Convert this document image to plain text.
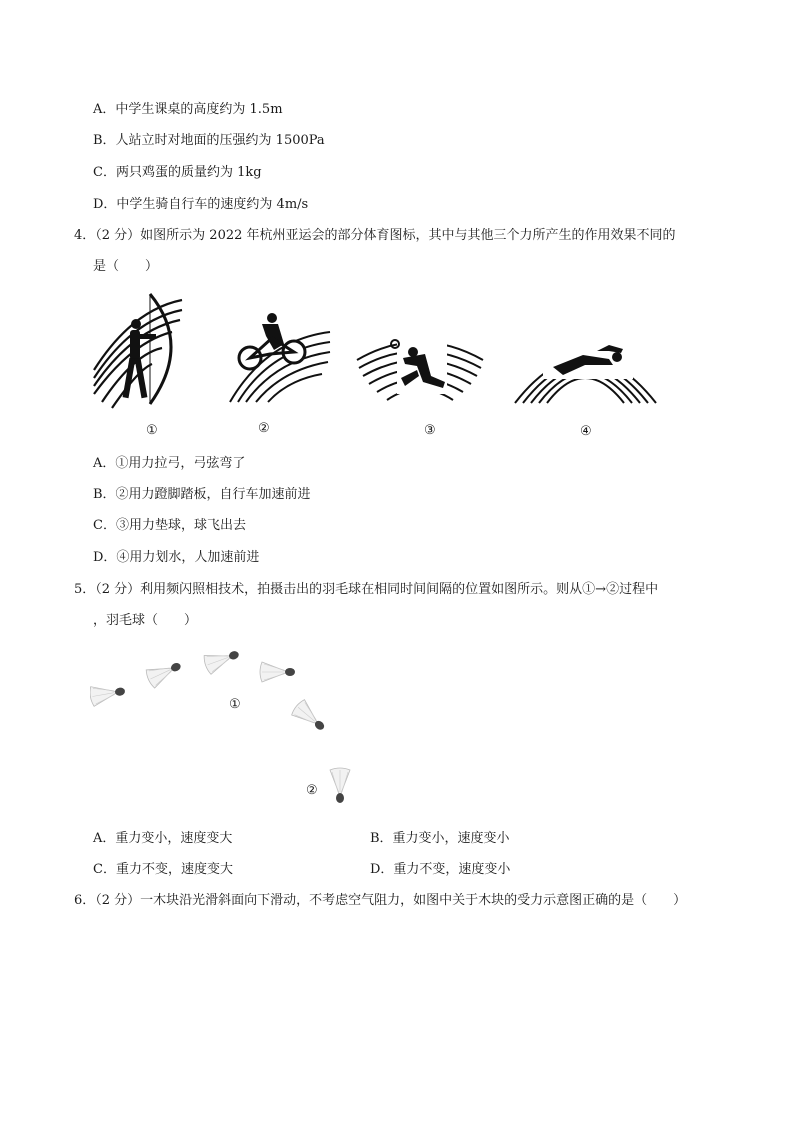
A．中学生课桌的高度约为 1.5m
B．人站立时对地面的压强约为 1500Pa
C．两只鸡蛋的质量约为 1kg
D．中学生骑自行车的速度约为 4m/s
4．（2 分）如图所示为 2022 年杭州亚运会的部分体育图标，其中与其他三个力所产生的作用效果不同的
是（　　）
①	②	③	④
A．①用力拉弓，弓弦弯了
B．②用力蹬脚踏板，自行车加速前进
C．③用力垫球，球飞出去
D．④用力划水，人加速前进
5．（2 分）利用频闪照相技术，拍摄击出的羽毛球在相同时间间隔的位置如图所示。则从①→②过程中
，羽毛球（　　）
①
②
A．重力变小，速度变大	B．重力变小，速度变小
C．重力不变，速度变大	D．重力不变，速度变小
6．（2 分）一木块沿光滑斜面向下滑动，不考虑空气阻力，如图中关于木块的受力示意图正确的是（　　）
